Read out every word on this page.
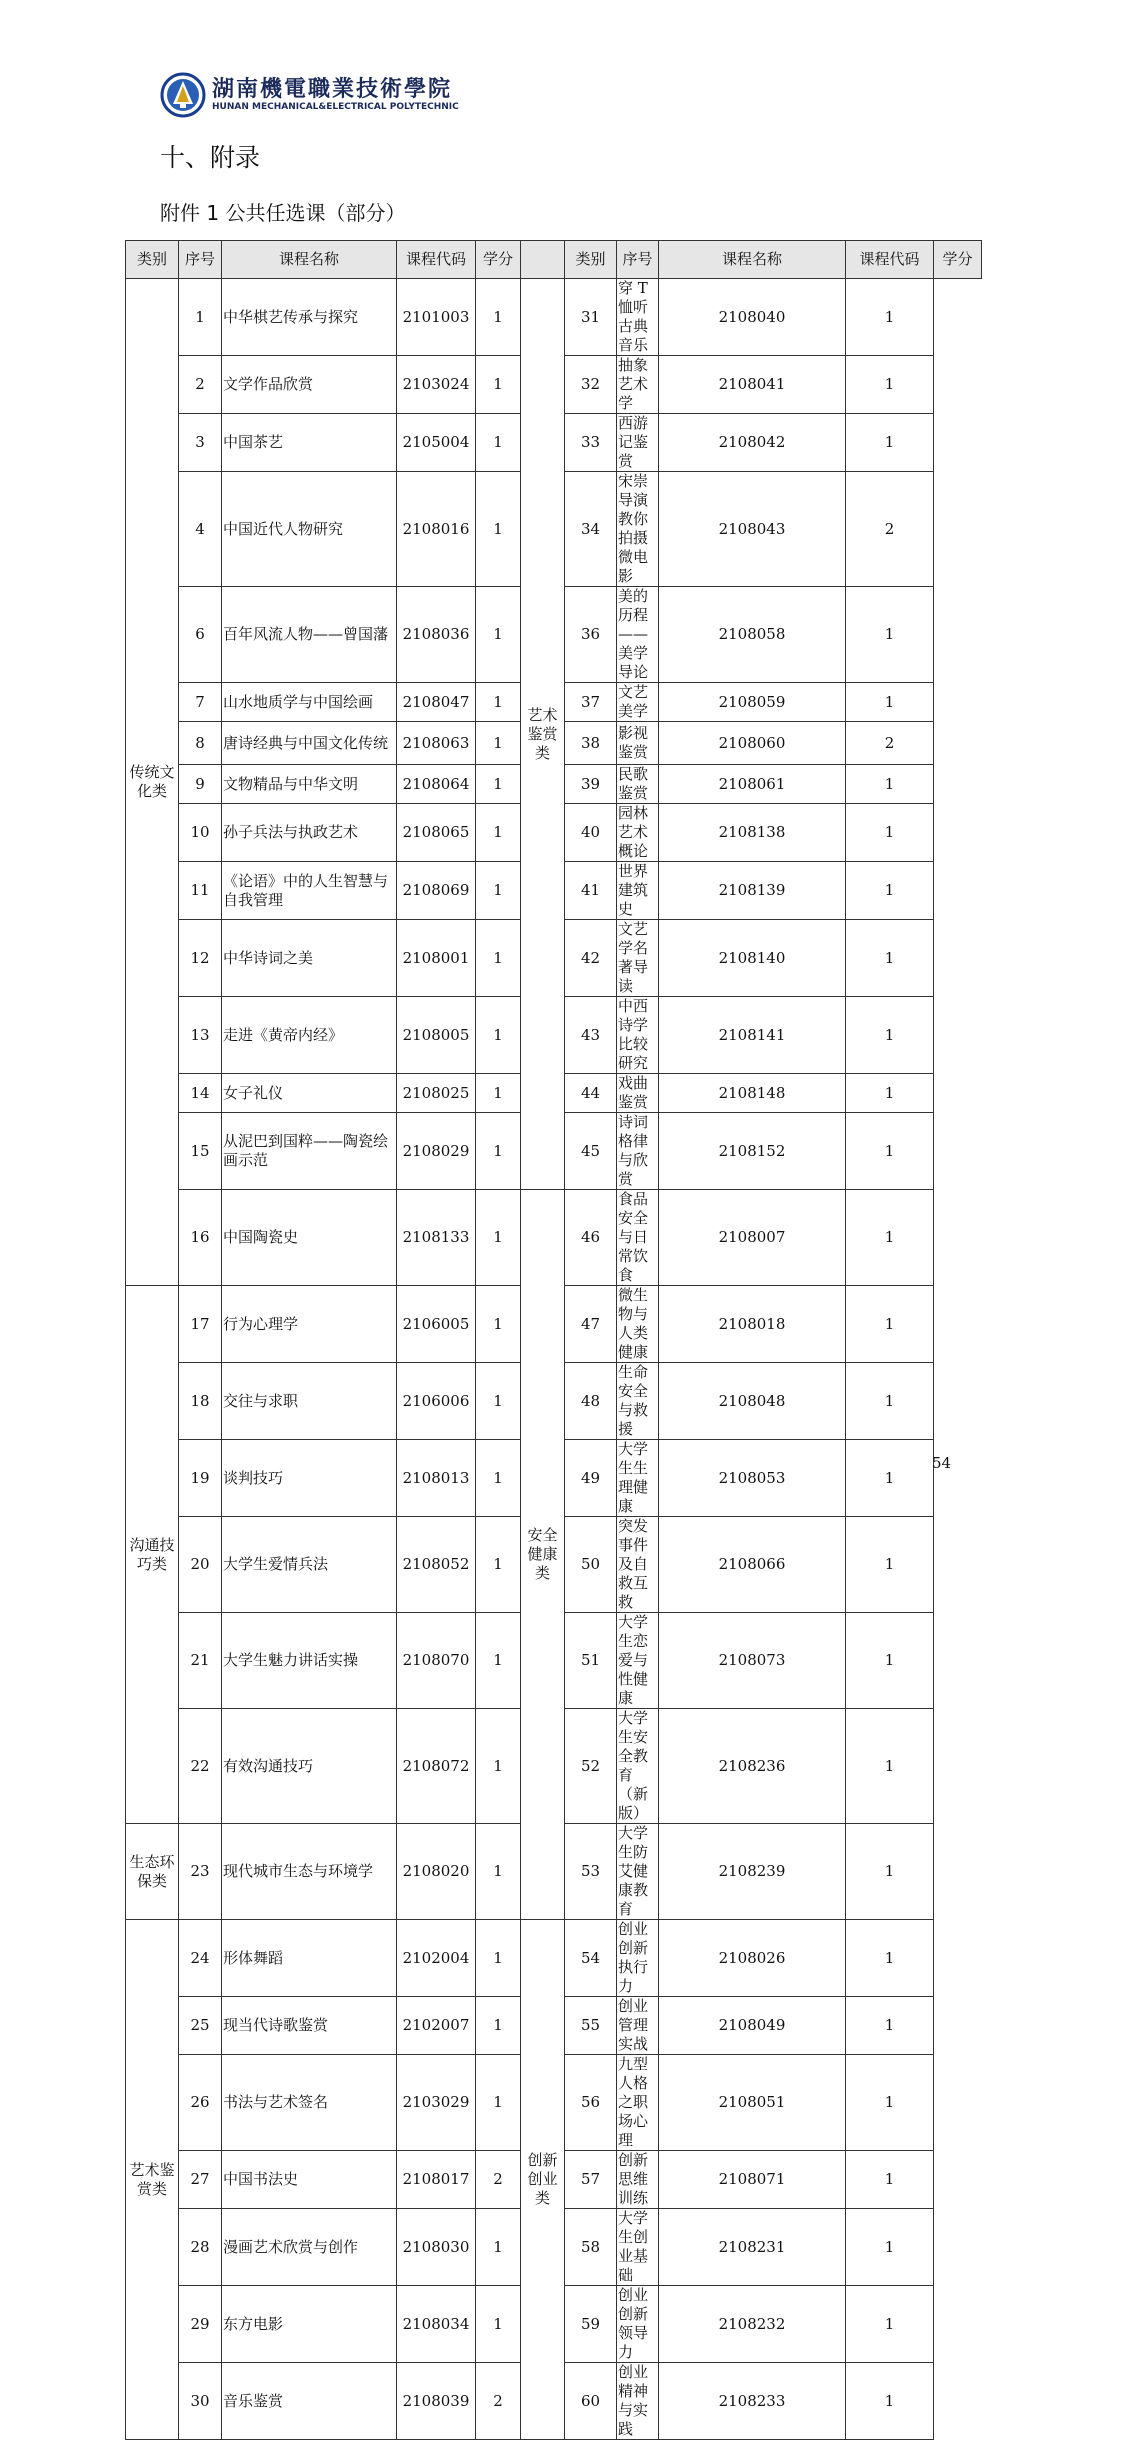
湖南機電職業技術學院
HUNAN MECHANICAL&ELECTRICAL POLYTECHNIC
十、附录
附件 1 公共任选课（部分）
类别	序号	课程名称	课程代码	学分		类别	序号	课程名称	课程代码	学分
传统文化类	1	中华棋艺传承与探究	2101003	1	艺术鉴赏类	31	穿 T 恤听古典音乐	2108040	1	
	2	文学作品欣赏	2103024	1		32	抽象艺术学	2108041	1	
	3	中国茶艺	2105004	1		33	西游记鉴赏	2108042	1	
	4	中国近代人物研究	2108016	1		34	宋崇导演教你拍摄微电影	2108043	2	
	6	百年风流人物——曾国藩	2108036	1		36	美的历程——美学导论	2108058	1	
	7	山水地质学与中国绘画	2108047	1		37	文艺美学	2108059	1	
	8	唐诗经典与中国文化传统	2108063	1		38	影视鉴赏	2108060	2	
	9	文物精品与中华文明	2108064	1		39	民歌鉴赏	2108061	1	
	10	孙子兵法与执政艺术	2108065	1		40	园林艺术概论	2108138	1	
	11	《论语》中的人生智慧与自我管理	2108069	1		41	世界建筑史	2108139	1	
	12	中华诗词之美	2108001	1		42	文艺学名著导读	2108140	1	
	13	走进《黄帝内经》	2108005	1		43	中西诗学比较研究	2108141	1	
	14	女子礼仪	2108025	1		44	戏曲鉴赏	2108148	1	
	15	从泥巴到国粹——陶瓷绘画示范	2108029	1		45	诗词格律与欣赏	2108152	1	
	16	中国陶瓷史	2108133	1	安全健康类	46	食品安全与日常饮食	2108007	1	
沟通技巧类	17	行为心理学	2106005	1		47	微生物与人类健康	2108018	1	
	18	交往与求职	2106006	1		48	生命安全与救援	2108048	1	
	19	谈判技巧	2108013	1		49	大学生生理健康	2108053	1	
	20	大学生爱情兵法	2108052	1		50	突发事件及自救互救	2108066	1	
	21	大学生魅力讲话实操	2108070	1		51	大学生恋爱与性健康	2108073	1	
	22	有效沟通技巧	2108072	1		52	大学生安全教育（新版）	2108236	1	
生态环保类	23	现代城市生态与环境学	2108020	1		53	大学生防艾健康教育	2108239	1	
艺术鉴赏类	24	形体舞蹈	2102004	1	创新创业类	54	创业创新执行力	2108026	1	
	25	现当代诗歌鉴赏	2102007	1		55	创业管理实战	2108049	1	
	26	书法与艺术签名	2103029	1		56	九型人格之职场心理	2108051	1	
	27	中国书法史	2108017	2		57	创新思维训练	2108071	1	
	28	漫画艺术欣赏与创作	2108030	1		58	大学生创业基础	2108231	1	
	29	东方电影	2108034	1		59	创业创新领导力	2108232	1	
	30	音乐鉴赏	2108039	2		60	创业精神与实践	2108233	1	
54
